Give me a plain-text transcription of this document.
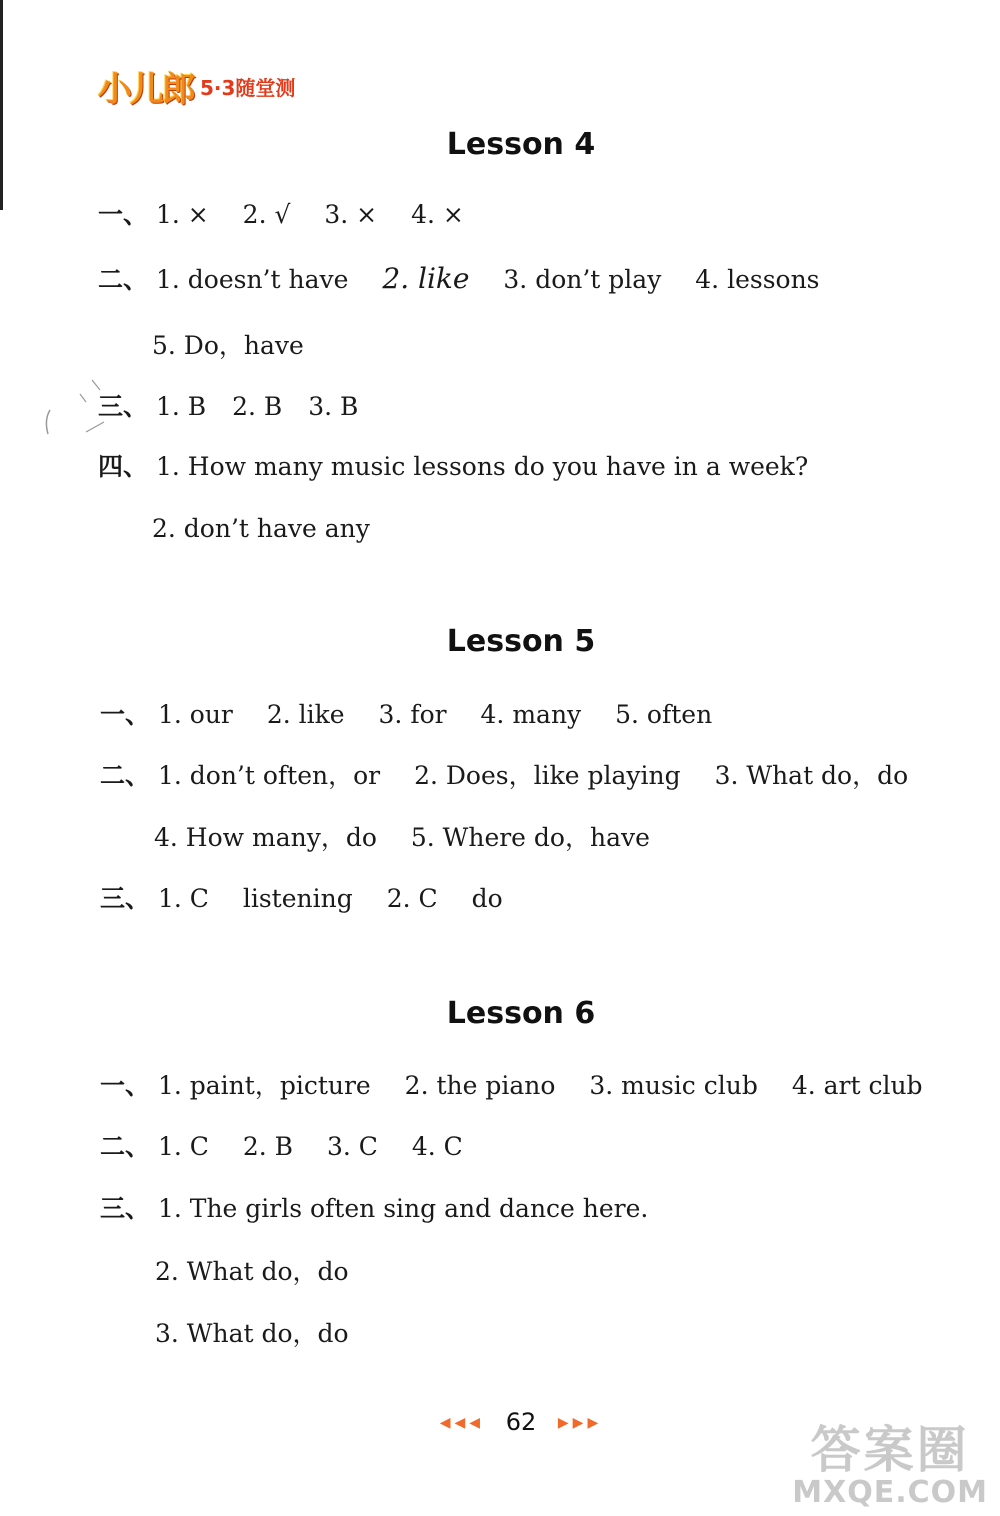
小儿郎 5·3随堂测
Lesson 4
一、 1. × 2. √ 3. × 4. ×
二、 1. doesn’t have 2. like 3. don’t play 4. lessons
5. Do，have
三、 1. B 2. B 3. B
四、 1. How many music lessons do you have in a week?
2. don’t have any
Lesson 5
一、 1. our 2. like 3. for 4. many 5. often
二、 1. don’t often，or 2. Does，like playing 3. What do，do
4. How many，do 5. Where do，have
三、 1. C listening 2. C do
Lesson 6
一、 1. paint，picture 2. the piano 3. music club 4. art club
二、 1. C 2. B 3. C 4. C
三、 1. The girls often sing and dance here.
2. What do，do
3. What do，do
◀◀◀ 62 ▶▶▶	答案圈
MXQE.COM
